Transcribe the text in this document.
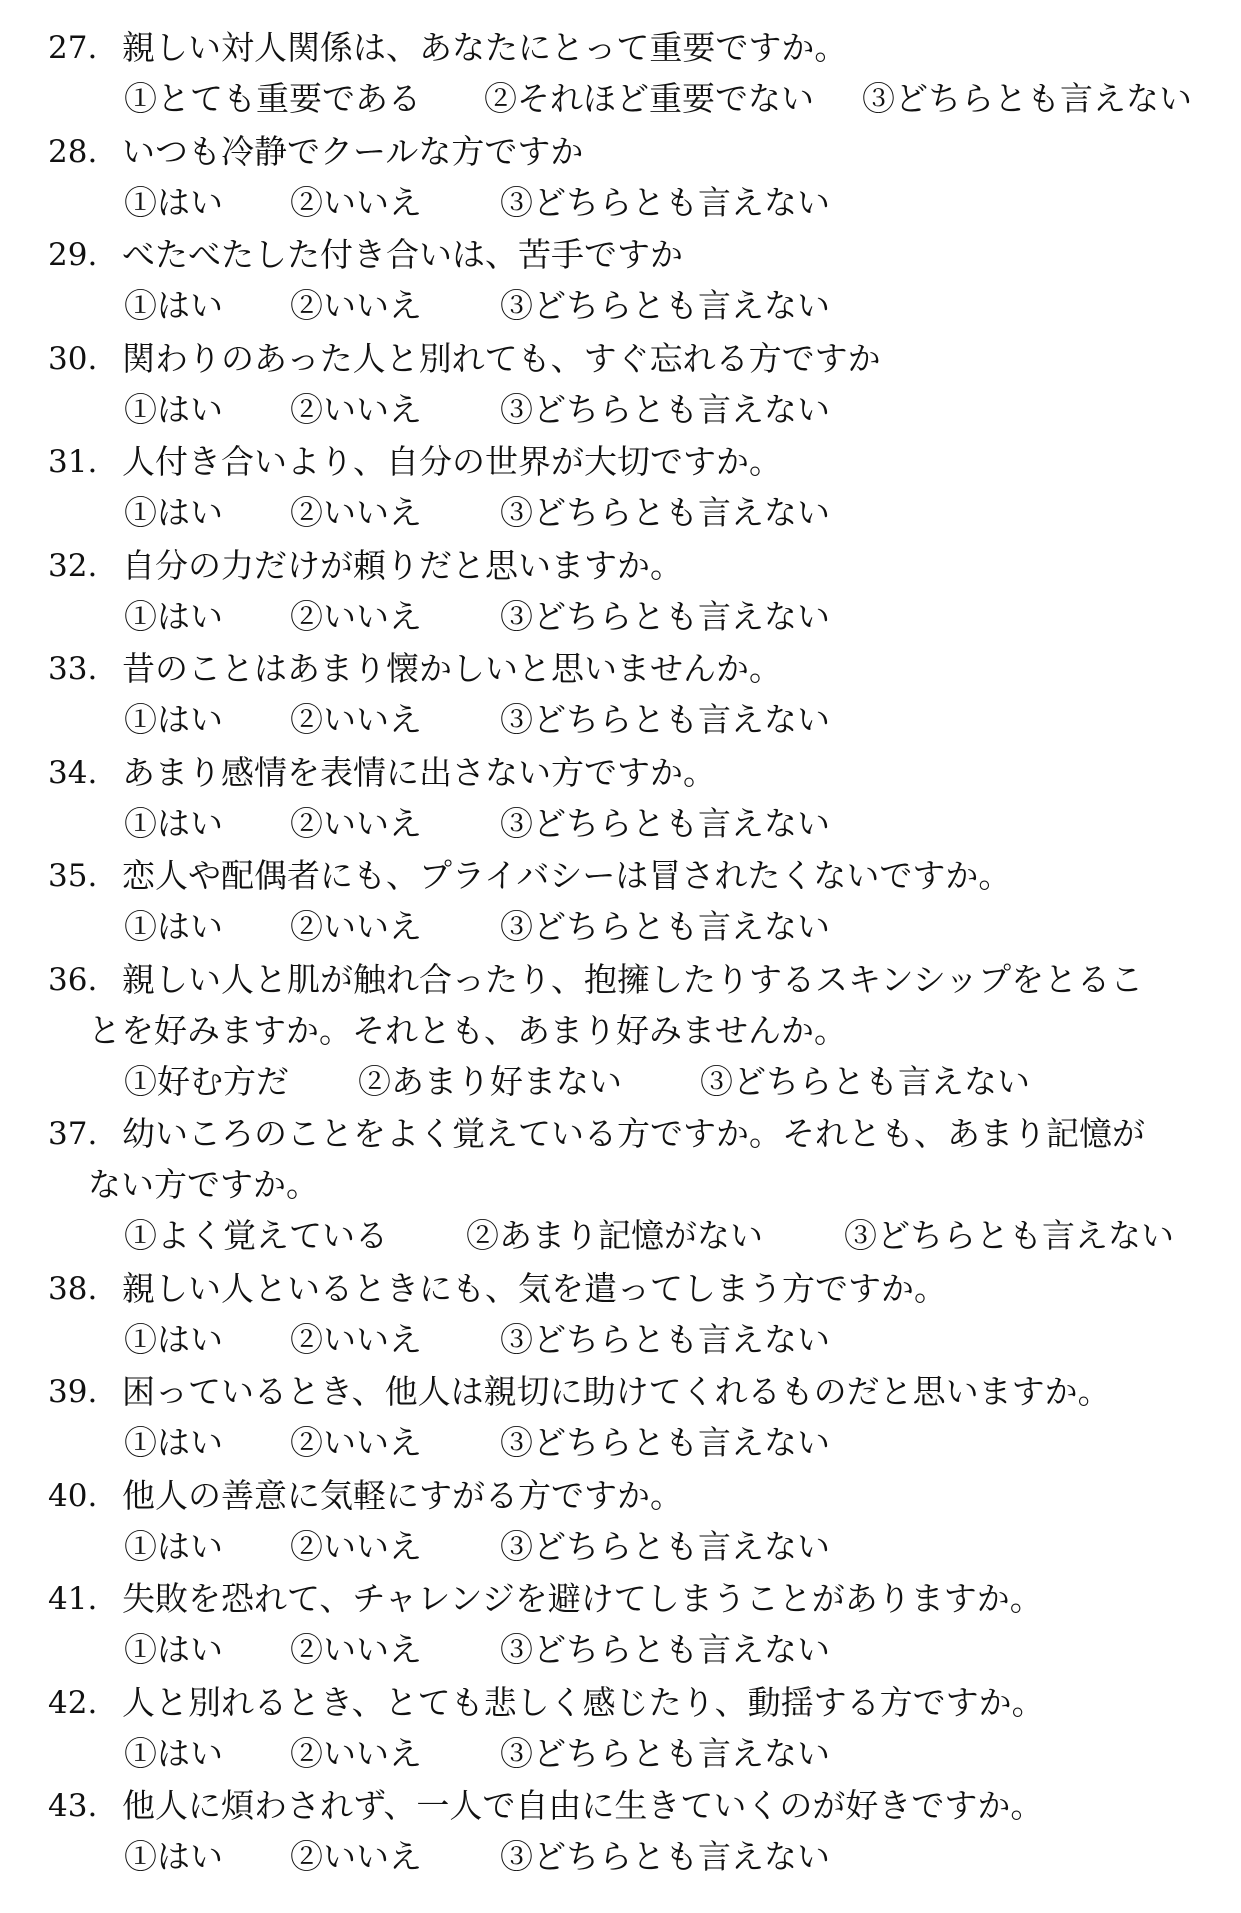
27. 親しい対人関係は、あなたにとって重要ですか。
①とても重要である ②それほど重要でない ③どちらとも言えない
28. いつも冷静でクールな方ですか
①はい ②いいえ ③どちらとも言えない
29. べたべたした付き合いは、苦手ですか
①はい ②いいえ ③どちらとも言えない
30. 関わりのあった人と別れても、すぐ忘れる方ですか
①はい ②いいえ ③どちらとも言えない
31. 人付き合いより、自分の世界が大切ですか。
①はい ②いいえ ③どちらとも言えない
32. 自分の力だけが頼りだと思いますか。
①はい ②いいえ ③どちらとも言えない
33. 昔のことはあまり懐かしいと思いませんか。
①はい ②いいえ ③どちらとも言えない
34. あまり感情を表情に出さない方ですか。
①はい ②いいえ ③どちらとも言えない
35. 恋人や配偶者にも、プライバシーは冒されたくないですか。
①はい ②いいえ ③どちらとも言えない
36. 親しい人と肌が触れ合ったり、抱擁したりするスキンシップをとるこ
とを好みますか。それとも、あまり好みませんか。
①好む方だ ②あまり好まない ③どちらとも言えない
37. 幼いころのことをよく覚えている方ですか。それとも、あまり記憶が
ない方ですか。
①よく覚えている ②あまり記憶がない ③どちらとも言えない
38. 親しい人といるときにも、気を遣ってしまう方ですか。
①はい ②いいえ ③どちらとも言えない
39. 困っているとき、他人は親切に助けてくれるものだと思いますか。
①はい ②いいえ ③どちらとも言えない
40. 他人の善意に気軽にすがる方ですか。
①はい ②いいえ ③どちらとも言えない
41. 失敗を恐れて、チャレンジを避けてしまうことがありますか。
①はい ②いいえ ③どちらとも言えない
42. 人と別れるとき、とても悲しく感じたり、動揺する方ですか。
①はい ②いいえ ③どちらとも言えない
43. 他人に煩わされず、一人で自由に生きていくのが好きですか。
①はい ②いいえ ③どちらとも言えない
